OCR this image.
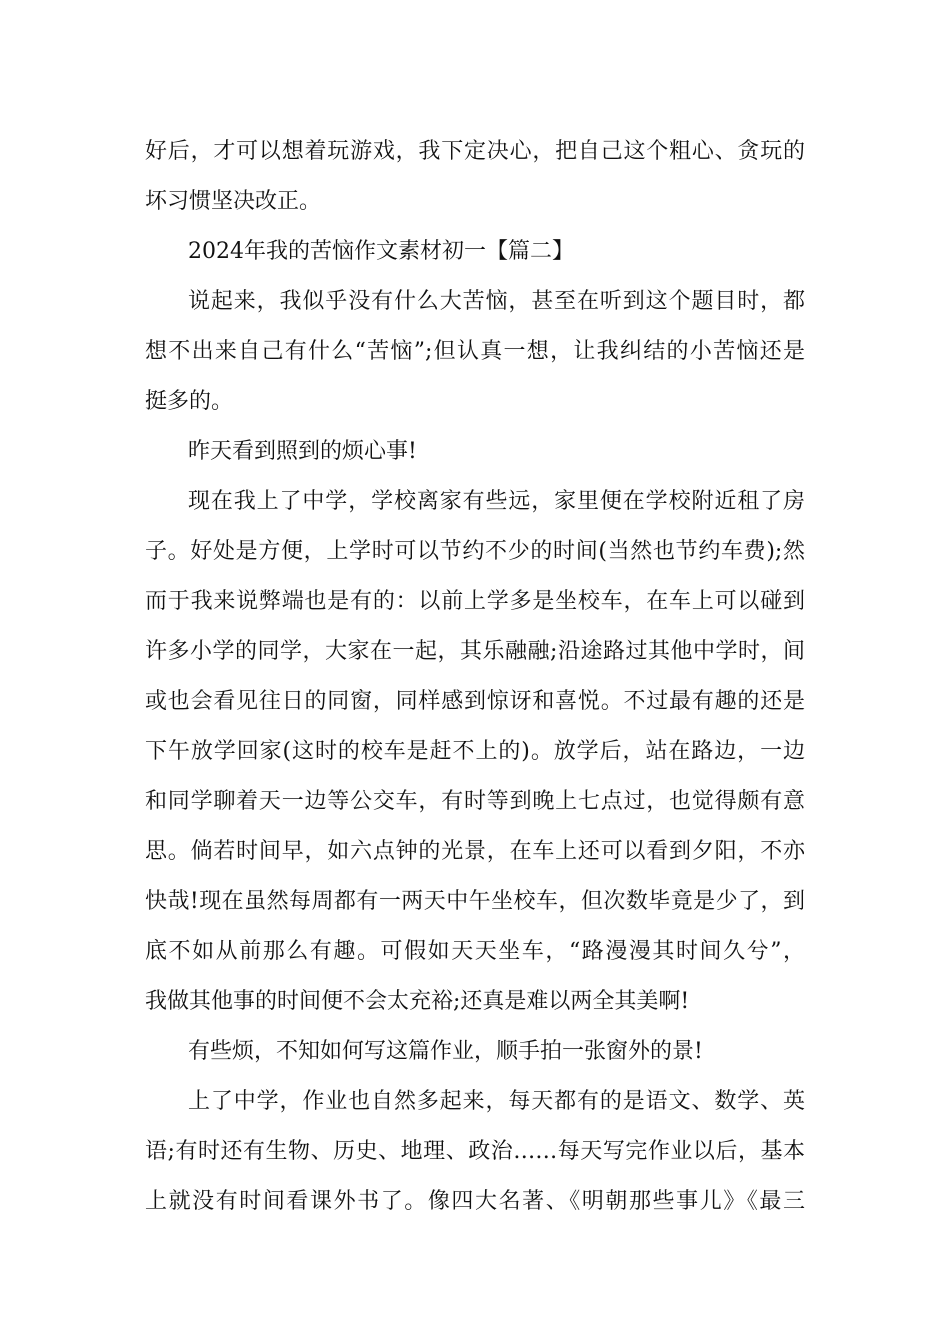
好后，才可以想着玩游戏，我下定决心，把自己这个粗心、贪玩的

坏习惯坚决改正。

2024年我的苦恼作文素材初一【篇二】

说起来，我似乎没有什么大苦恼，甚至在听到这个题目时，都

想不出来自己有什么“苦恼”;但认真一想，让我纠结的小苦恼还是

挺多的。

昨天看到照到的烦心事!

现在我上了中学，学校离家有些远，家里便在学校附近租了房

子。好处是方便，上学时可以节约不少的时间(当然也节约车费);然

而于我来说弊端也是有的：以前上学多是坐校车，在车上可以碰到

许多小学的同学，大家在一起，其乐融融;沿途路过其他中学时，间

或也会看见往日的同窗，同样感到惊讶和喜悦。不过最有趣的还是

下午放学回家(这时的校车是赶不上的)。放学后，站在路边，一边

和同学聊着天一边等公交车，有时等到晚上七点过，也觉得颇有意

思。倘若时间早，如六点钟的光景，在车上还可以看到夕阳，不亦

快哉!现在虽然每周都有一两天中午坐校车，但次数毕竟是少了，到

底不如从前那么有趣。可假如天天坐车，“路漫漫其时间久兮”，

我做其他事的时间便不会太充裕;还真是难以两全其美啊!

有些烦，不知如何写这篇作业，顺手拍一张窗外的景!

上了中学，作业也自然多起来，每天都有的是语文、数学、英

语;有时还有生物、历史、地理、政治……每天写完作业以后，基本

上就没有时间看课外书了。像四大名著、《明朝那些事儿》《最三
